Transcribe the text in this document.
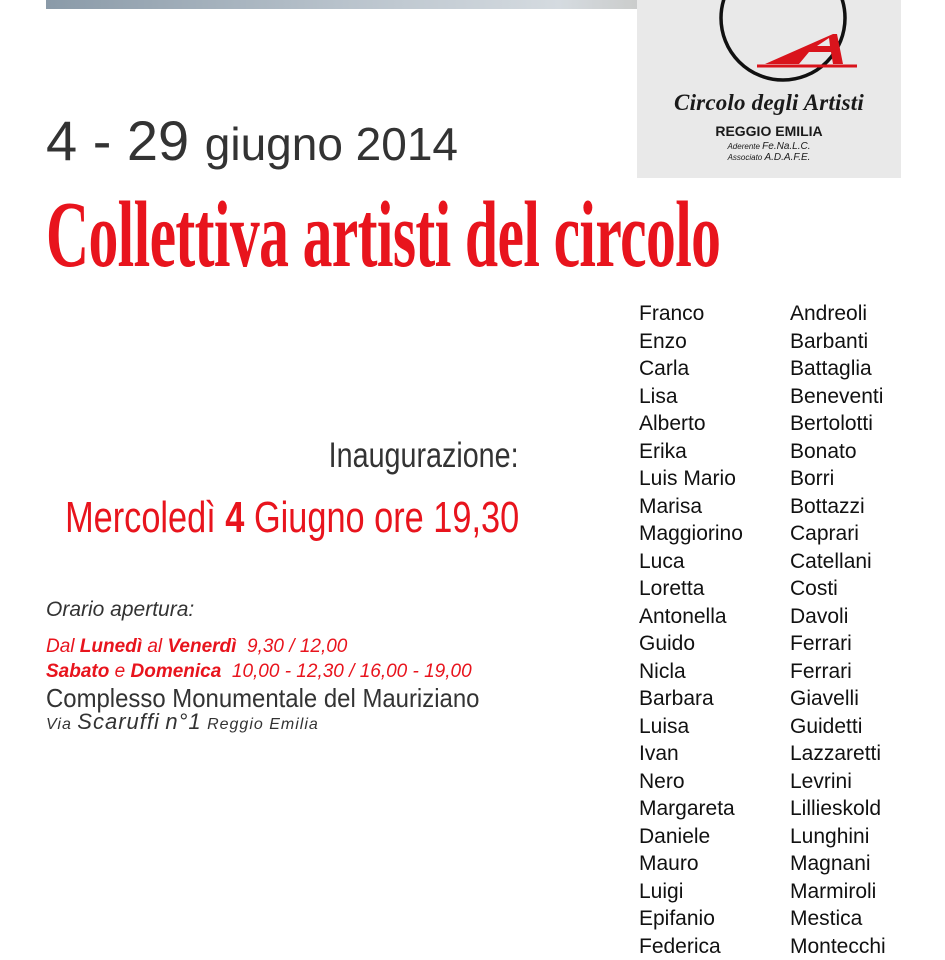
Circolo degli Artisti
REGGIO EMILIA
Aderente Fe.Na.L.C.
Associato A.D.A.F.E.
4 - 29 giugno 2014
Collettiva artisti del circolo
Inaugurazione:
Mercoledì 4 Giugno ore 19,30
Orario apertura:
Dal Lunedì al Venerdì 9,30 / 12,00
Sabato e Domenica 10,00 - 12,30 / 16,00 - 19,00
Complesso Monumentale del Mauriziano
Via Scaruffi n°1 Reggio Emilia
Franco
Enzo
Carla
Lisa
Alberto
Erika
Luis Mario
Marisa
Maggiorino
Luca
Loretta
Antonella
Guido
Nicla
Barbara
Luisa
Ivan
Nero
Margareta
Daniele
Mauro
Luigi
Epifanio
Federica
Andreoli
Barbanti
Battaglia
Beneventi
Bertolotti
Bonato
Borri
Bottazzi
Caprari
Catellani
Costi
Davoli
Ferrari
Ferrari
Giavelli
Guidetti
Lazzaretti
Levrini
Lillieskold
Lunghini
Magnani
Marmiroli
Mestica
Montecchi
